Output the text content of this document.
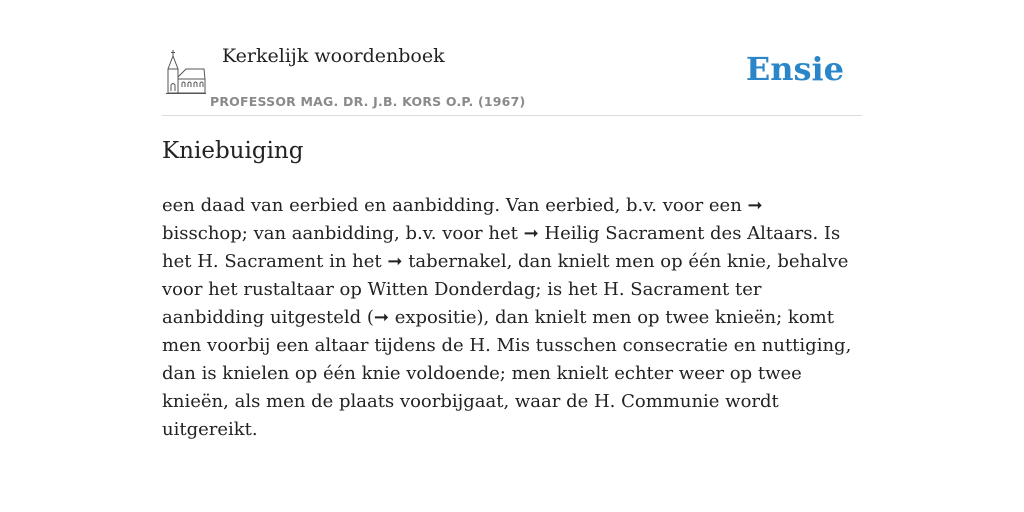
Kerkelijk woordenboek
PROFESSOR MAG. DR. J.B. KORS O.P. (1967)
Ensie
Kniebuiging

een daad van eerbied en aanbidding. Van eerbied, b.v. voor een ➞ bisschop; van aanbidding, b.v. voor het ➞ Heilig Sacrament des Altaars. Is het H. Sacrament in het ➞ tabernakel, dan knielt men op één knie, behalve voor het rustaltaar op Witten Donderdag; is het H. Sacrament ter aanbidding uitgesteld (➞ expositie), dan knielt men op twee knieën; komt men voorbij een altaar tijdens de H. Mis tusschen consecratie en nuttiging, dan is knielen op één knie voldoende; men knielt echter weer op twee knieën, als men de plaats voorbijgaat, waar de H. Communie wordt uitgereikt.
